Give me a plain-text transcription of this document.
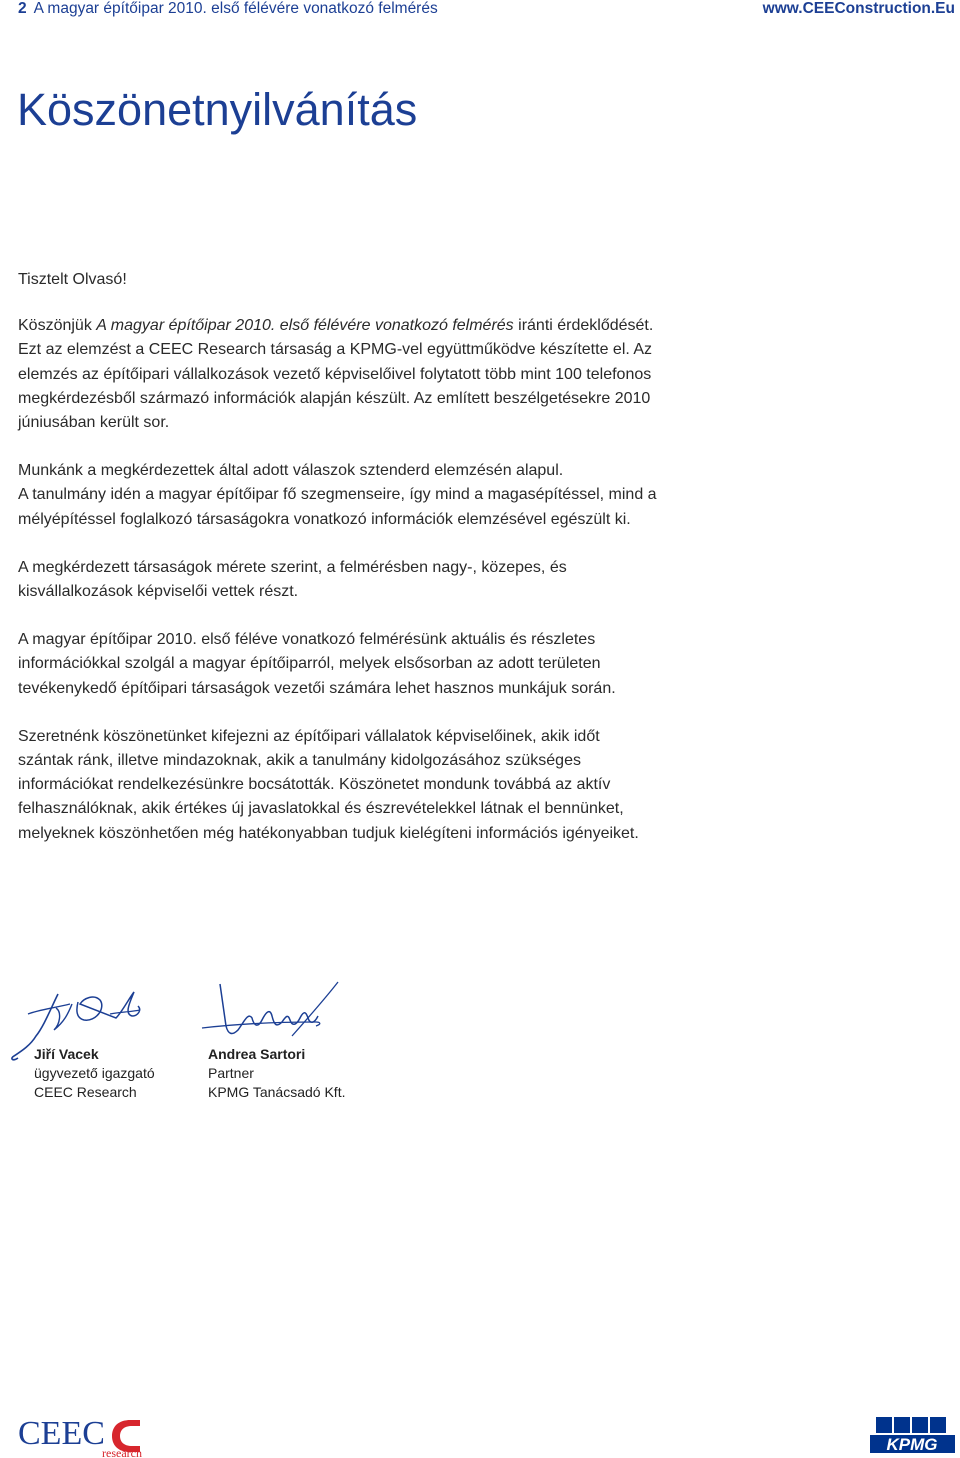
2 A magyar építőipar 2010. első félévére vonatkozó felmérés	www.CEEConstruction.Eu
Köszönetnyilvánítás

Tisztelt Olvasó!

Köszönjük A magyar építőipar 2010. első félévére vonatkozó felmérés iránti érdeklődését. Ezt az elemzést a CEEC Research társaság a KPMG-vel együttműködve készítette el. Az elemzés az építőipari vállalkozások vezető képviselőivel folytatott több mint 100 telefonos megkérdezésből származó információk alapján készült. Az említett beszélgetésekre 2010 júniusában került sor.

Munkánk a megkérdezettek által adott válaszok sztenderd elemzésén alapul.

A tanulmány idén a magyar építőipar fő szegmenseire, így mind a magasépítéssel, mind a mélyépítéssel foglalkozó társaságokra vonatkozó információk elemzésével egészült ki.

A megkérdezett társaságok mérete szerint, a felmérésben nagy-, közepes, és kisvállalkozások képviselői vettek részt.

A magyar építőipar 2010. első féléve vonatkozó felmérésünk aktuális és részletes információkkal szolgál a magyar építőiparról, melyek elsősorban az adott területen tevékenykedő építőipari társaságok vezetői számára lehet hasznos munkájuk során.

Szeretnénk köszönetünket kifejezni az építőipari vállalatok képviselőinek, akik időt szántak ránk, illetve mindazoknak, akik a tanulmány kidolgozásához szükséges információkat rendelkezésünkre bocsátották. Köszönetet mondunk továbbá az aktív felhasználóknak, akik értékes új javaslatokkal és észrevételekkel látnak el bennünket, melyeknek köszönhetően még hatékonyabban tudjuk kielégíteni információs igényeiket.

Jiří Vacek
ügyvezető igazgató
CEEC Research
Andrea Sartori
Partner
KPMG Tanácsadó Kft.
CEEC
research	KPMG
